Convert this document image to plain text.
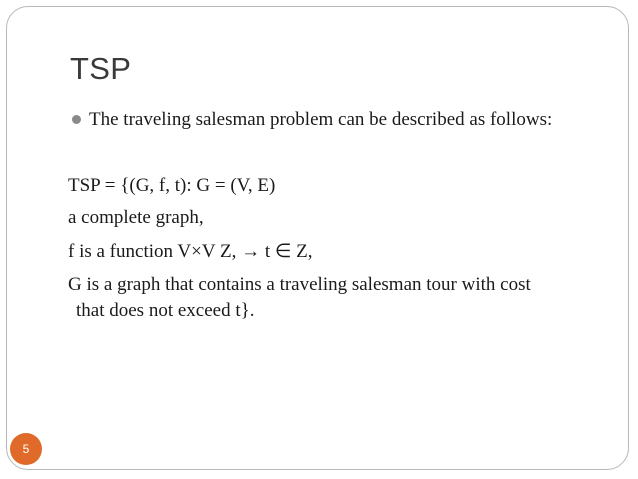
TSP
The traveling salesman problem can be described as follows:
TSP = {(G, f, t): G = (V, E)
a complete graph,
f is a function V×V Z, → t ∈ Z,
G is a graph that contains a traveling salesman tour with cost
that does not exceed t}.
5
